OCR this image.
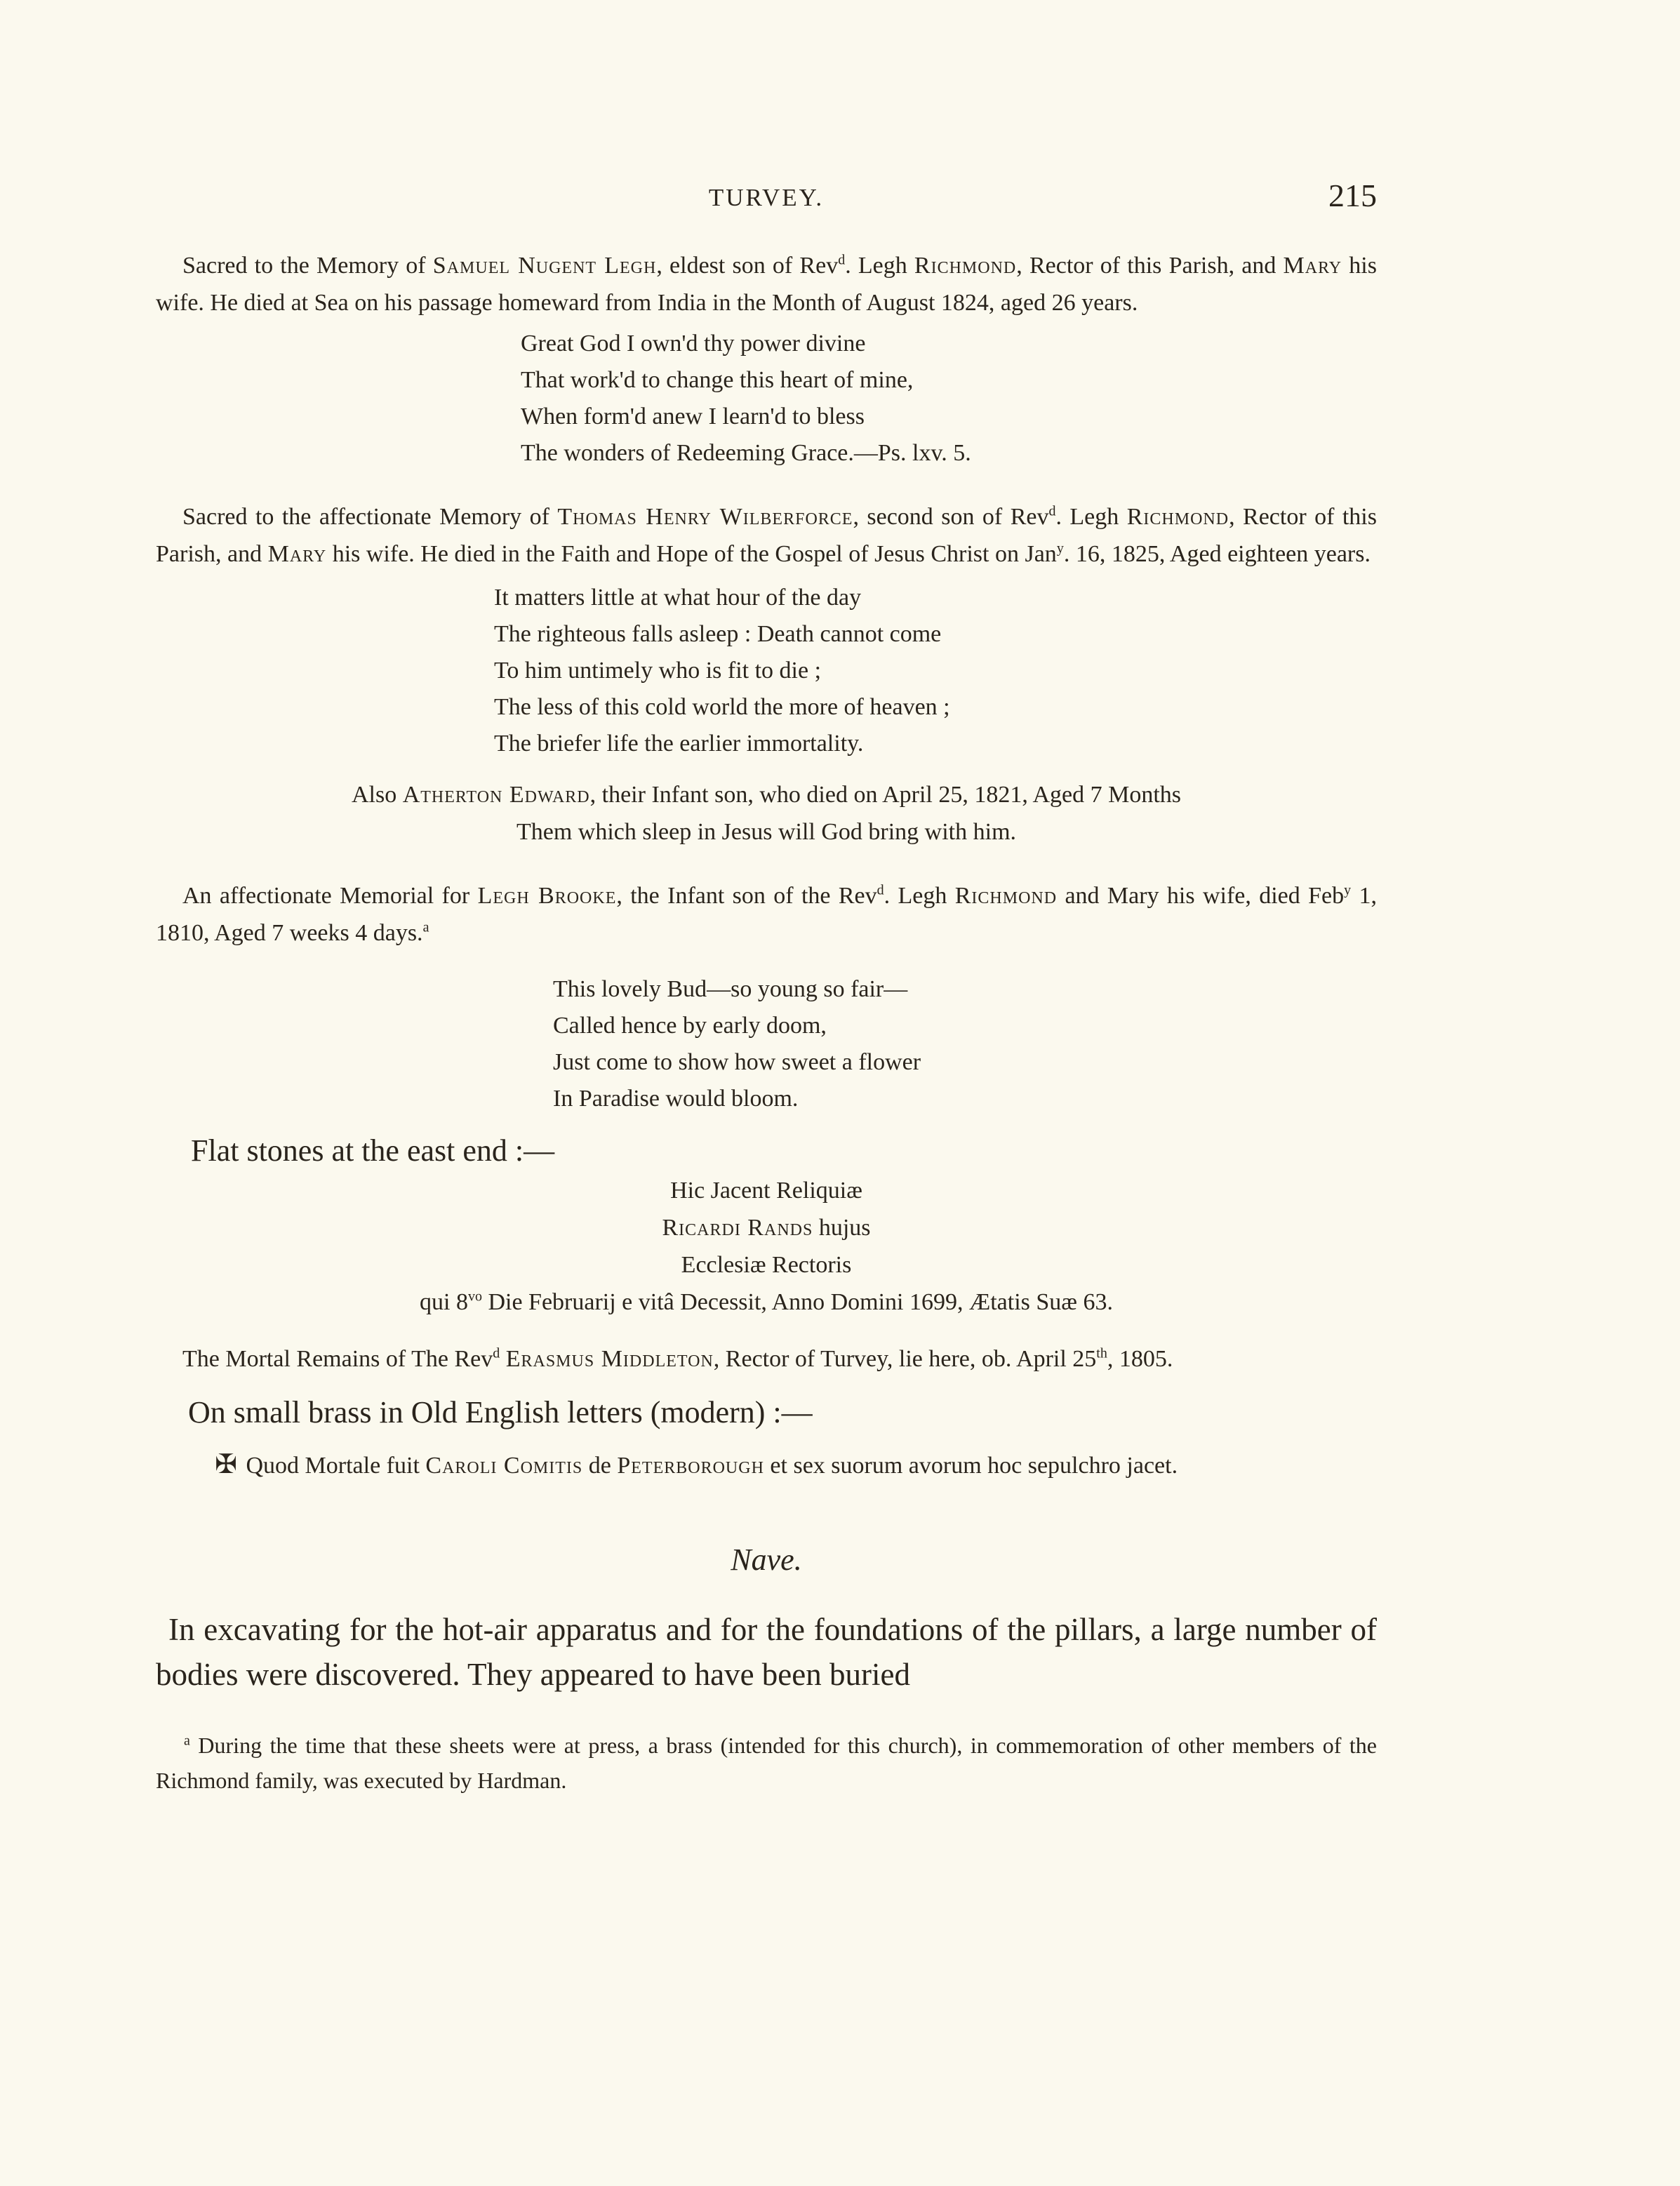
TURVEY.	215

Sacred to the Memory of Samuel Nugent Legh, eldest son of Rev$^d$. Legh Richmond, Rector of this Parish, and Mary his wife. He died at Sea on his passage homeward from India in the Month of August 1824, aged 26 years.

Great God I own'd thy power divine
That work'd to change this heart of mine,
When form'd anew I learn'd to bless
The wonders of Redeeming Grace.—Ps. lxv. 5.

Sacred to the affectionate Memory of Thomas Henry Wilberforce, second son of Rev$^d$. Legh Richmond, Rector of this Parish, and Mary his wife. He died in the Faith and Hope of the Gospel of Jesus Christ on Jan$^y$. 16, 1825, Aged eighteen years.

It matters little at what hour of the day
The righteous falls asleep : Death cannot come
To him untimely who is fit to die ;
The less of this cold world the more of heaven ;
The briefer life the earlier immortality.
Also Atherton Edward, their Infant son, who died on April 25, 1821, Aged 7 Months
Them which sleep in Jesus will God bring with him.

An affectionate Memorial for Legh Brooke, the Infant son of the Rev$^d$. Legh Richmond and Mary his wife, died Feb$^y$ 1, 1810, Aged 7 weeks 4 days.$^a$

This lovely Bud—so young so fair—
Called hence by early doom,
Just come to show how sweet a flower
In Paradise would bloom.

Flat stones at the east end :—

Hic Jacent Reliquiæ
Ricardi Rands hujus
Ecclesiæ Rectoris
qui $8^{vo}$ Die Februarij e vitâ Decessit, Anno Domini 1699, Ætatis Suæ 63.

The Mortal Remains of The Rev$^d$ Erasmus Middleton, Rector of Turvey, lie here, ob. April 25th, 1805.

On small brass in Old English letters (modern) :—

✠ Quod Mortale fuit Caroli Comitis de Peterborough et sex suorum avorum hoc sepulchro jacet.

Nave.

In excavating for the hot-air apparatus and for the foundations of the pillars, a large number of bodies were discovered. They appeared to have been buried

$^a$ During the time that these sheets were at press, a brass (intended for this church), in commemoration of other members of the Richmond family, was executed by Hardman.
